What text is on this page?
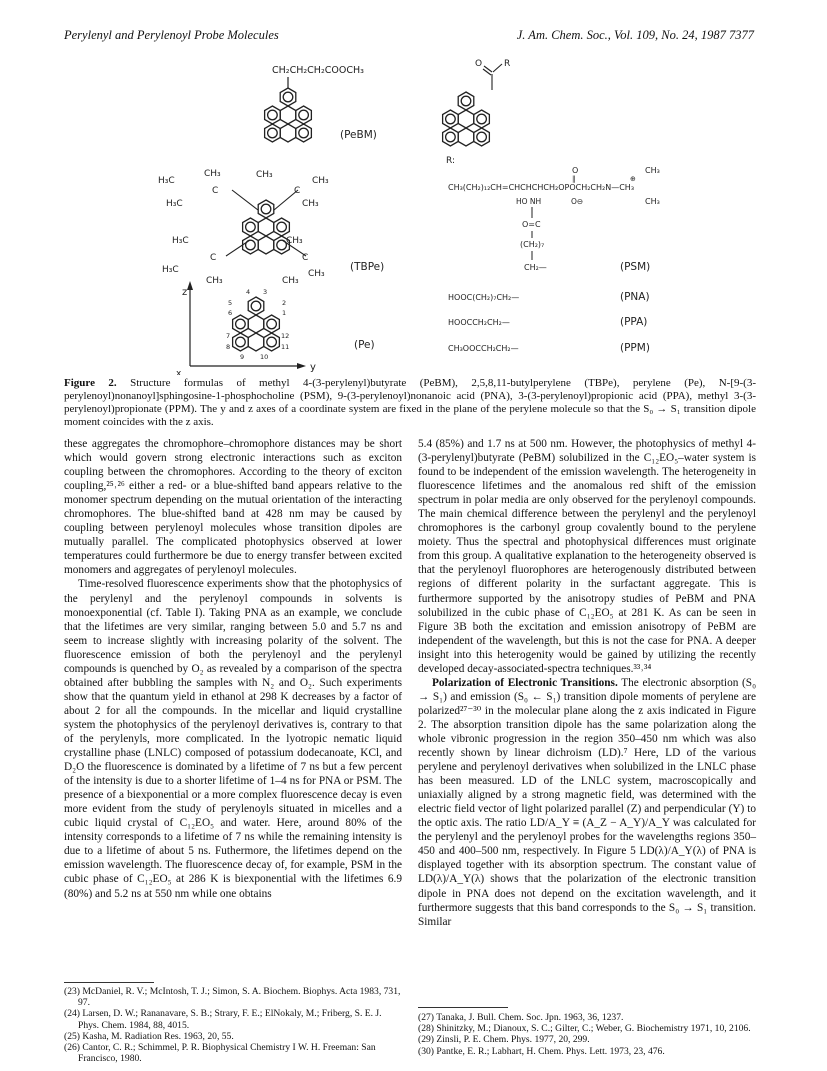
Perylenyl and Perylenoyl Probe Molecules	J. Am. Chem. Soc., Vol. 109, No. 24, 1987 7377
CH₂CH₂CH₂COOCH₃
(PeBM)
CH₃
H₃C
C
H₃C
CH₃
CH₃
C
CH₃
H₃C
C
H₃C
CH₃
CH₃
C
CH₃
CH₃
(TBPe)
z
y
x
4 3
5	2
6	1
7	12
8	11
9 10
(Pe)
O R
R:
O	CH₃
‖	⊕
CH₃(CH₂)₁₂CH=CHCHCHCH₂OPOCH₂CH₂N—CH₃
HO NH	O⊖	CH₃
O=C
(CH₂)₇
CH₂—	(PSM)
HOOC(CH₂)₇CH₂—	(PNA)
HOOCCH₂CH₂—	(PPA)
CH₃OOCCH₂CH₂—	(PPM)
Figure 2. Structure formulas of methyl 4-(3-perylenyl)butyrate (PeBM), 2,5,8,11-butylperylene (TBPe), perylene (Pe), N-[9-(3-perylenoyl)nonanoyl]sphingosine-1-phosphocholine (PSM), 9-(3-perylenoyl)nonanoic acid (PNA), 3-(3-perylenoyl)propionic acid (PPA), methyl 3-(3-perylenoyl)propionate (PPM). The y and z axes of a coordinate system are fixed in the plane of the perylene molecule so that the S₀ → S₁ transition dipole moment coincides with the z axis.

these aggregates the chromophore–chromophore distances may be short which would govern strong electronic interactions such as exciton coupling between the chromophores. According to the theory of exciton coupling,²⁵˒²⁶ either a red- or a blue-shifted band appears relative to the monomer spectrum depending on the mutual orientation of the interacting chromophores. The blue-shifted band at 428 nm may be caused by coupling between perylenoyl molecules whose transition dipoles are mutually parallel. The complicated photophysics observed at lower temperatures could furthermore be due to energy transfer between excited monomers and aggregates of perylenoyl molecules.

Time-resolved fluorescence experiments show that the photophysics of the perylenyl and the perylenoyl compounds in solvents is monoexponential (cf. Table I). Taking PNA as an example, we conclude that the lifetimes are very similar, ranging between 5.0 and 5.7 ns and seem to increase slightly with increasing polarity of the solvent. The fluorescence emission of both the perylenoyl and the perylenyl compounds is quenched by O₂ as revealed by a comparison of the spectra obtained after bubbling the samples with N₂ and O₂. Such experiments show that the quantum yield in ethanol at 298 K decreases by a factor of about 2 for all the compounds. In the micellar and liquid crystalline system the photophysics of the perylenoyl derivatives is, contrary to that of the perylenyls, more complicated. In the lyotropic nematic liquid crystalline phase (LNLC) composed of potassium dodecanoate, KCl, and D₂O the fluorescence is dominated by a lifetime of 7 ns but a few percent of the intensity is due to a shorter lifetime of 1–4 ns for PNA or PSM. The presence of a biexponential or a more complex fluorescence decay is even more evident from the study of perylenoyls situated in micelles and a cubic liquid crystal of C₁₂EO₅ and water. Here, around 80% of the intensity corresponds to a lifetime of 7 ns while the remaining intensity is due to a lifetime of about 5 ns. Futhermore, the lifetimes depend on the emission wavelength. The fluorescence decay of, for example, PSM in the cubic phase of C₁₂EO₅ at 286 K is biexponential with the lifetimes 6.9 (80%) and 5.2 ns at 550 nm while one obtains

5.4 (85%) and 1.7 ns at 500 nm. However, the photophysics of methyl 4-(3-perylenyl)butyrate (PeBM) solubilized in the C₁₂EO₅–water system is found to be independent of the emission wavelength. The heterogeneity in fluorescence lifetimes and the anomalous red shift of the emission spectrum in polar media are only observed for the perylenoyl compounds. The main chemical difference between the perylenyl and the perylenoyl chromophores is the carbonyl group covalently bound to the perylene moiety. Thus the spectral and photophysical differences must originate from this group. A qualitative explanation to the heterogeneity observed is that the perylenoyl fluorophores are heterogenously distributed between regions of different polarity in the surfactant aggregate. This is furthermore supported by the anisotropy studies of PeBM and PNA solubilized in the cubic phase of C₁₂EO₅ at 281 K. As can be seen in Figure 3B both the excitation and emission anisotropy of PeBM are independent of the wavelength, but this is not the case for PNA. A deeper insight into this heterogenity would be gained by utilizing the recently developed decay-associated-spectra techniques.³³˒³⁴

Polarization of Electronic Transitions. The electronic absorption (S₀ → S₁) and emission (S₀ ← S₁) transition dipole moments of perylene are polarized²⁷⁻³⁰ in the molecular plane along the z axis indicated in Figure 2. The absorption transition dipole has the same polarization along the whole vibronic progression in the region 350–450 nm which was also recently shown by linear dichroism (LD).⁷ Here, LD of the various perylene and perylenoyl derivatives when solubilized in the LNLC phase has been measured. LD of the LNLC system, macroscopically and uniaxially aligned by a strong magnetic field, was determined with the electric field vector of light polarized parallel (Z) and perpendicular (Y) to the optic axis. The ratio LD/A_Y ≡ (A_Z − A_Y)/A_Y was calculated for the perylenyl and the perylenoyl probes for the wavelengths regions 350–450 and 400–500 nm, respectively. In Figure 5 LD(λ)/A_Y(λ) of PNA is displayed together with its absorption spectrum. The constant value of LD(λ)/A_Y(λ) shows that the polarization of the electronic transition dipole in PNA does not depend on the excitation wavelength, and it furthermore suggests that this band corresponds to the S₀ → S₁ transition. Similar

(23) McDaniel, R. V.; McIntosh, T. J.; Simon, S. A. Biochem. Biophys. Acta 1983, 731, 97.
(24) Larsen, D. W.; Rananavare, S. B.; Strary, F. E.; ElNokaly, M.; Friberg, S. E. J. Phys. Chem. 1984, 88, 4015.
(25) Kasha, M. Radiation Res. 1963, 20, 55.
(26) Cantor, C. R.; Schimmel, P. R. Biophysical Chemistry I W. H. Freeman: San Francisco, 1980.
(27) Tanaka, J. Bull. Chem. Soc. Jpn. 1963, 36, 1237.
(28) Shinitzky, M.; Dianoux, S. C.; Gilter, C.; Weber, G. Biochemistry 1971, 10, 2106.
(29) Zinsli, P. E. Chem. Phys. 1977, 20, 299.
(30) Pantke, E. R.; Labhart, H. Chem. Phys. Lett. 1973, 23, 476.
